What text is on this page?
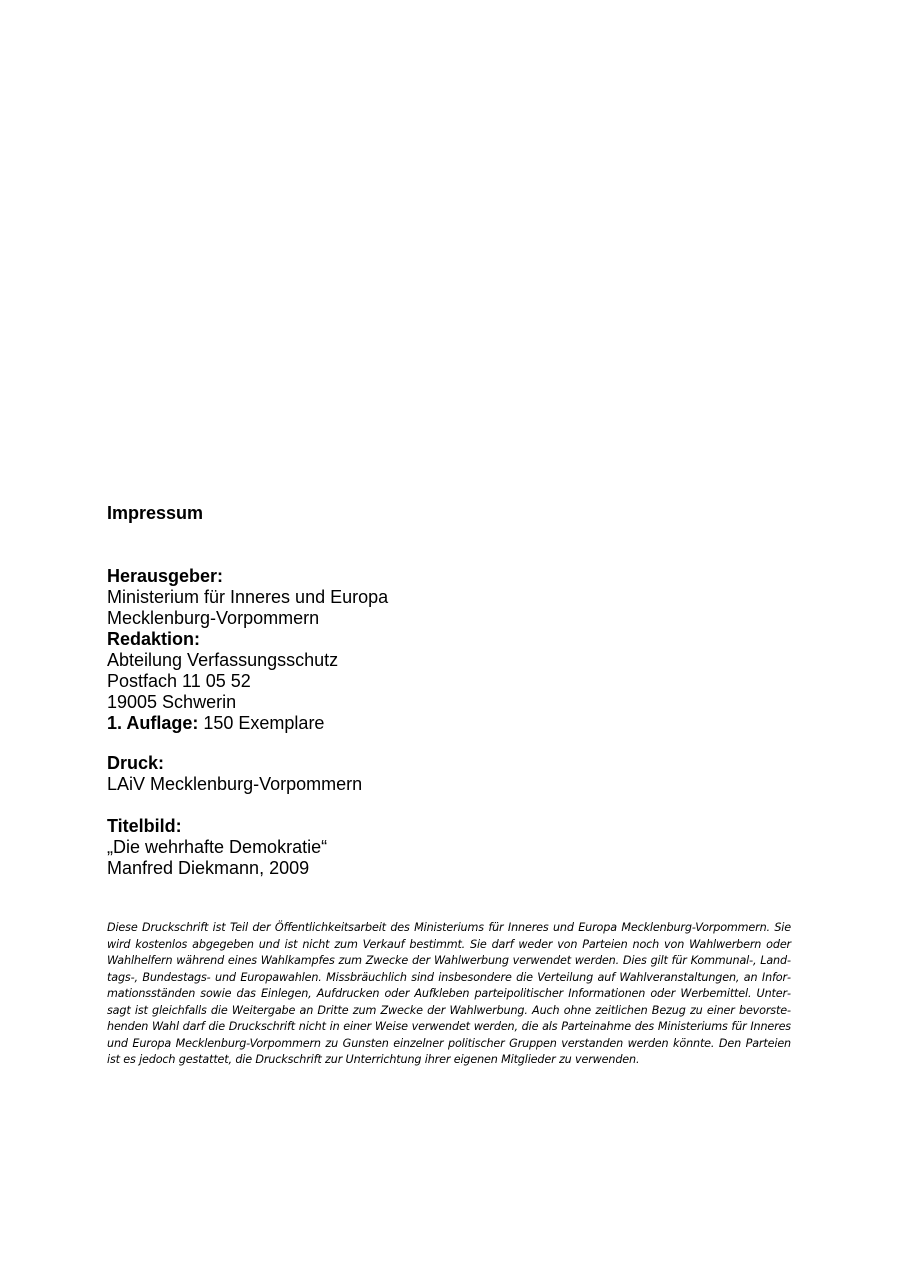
Impressum
Herausgeber:
Ministerium für Inneres und Europa
Mecklenburg-Vorpommern
Redaktion:
Abteilung Verfassungsschutz
Postfach 11 05 52
19005 Schwerin
1. Auflage: 150 Exemplare
Druck:
LAiV Mecklenburg-Vorpommern
Titelbild:
„Die wehrhafte Demokratie“
Manfred Diekmann, 2009

Diese Druckschrift ist Teil der Öffentlichkeitsarbeit des Ministeriums für Inneres und Europa Mecklenburg-Vorpommern. Sie wird kostenlos abgegeben und ist nicht zum Verkauf bestimmt. Sie darf weder von Parteien noch von Wahlwerbern oder Wahlhelfern während eines Wahlkampfes zum Zwecke der Wahlwerbung verwendet werden. Dies gilt für Kommunal-, Landtags-, Bundestags- und Europawahlen. Missbräuchlich sind insbesondere die Verteilung auf Wahlveranstaltungen, an Informationsständen sowie das Einlegen, Aufdrucken oder Aufkleben parteipolitischer Informationen oder Werbemittel. Untersagt ist gleichfalls die Weitergabe an Dritte zum Zwecke der Wahlwerbung. Auch ohne zeitlichen Bezug zu einer bevorstehenden Wahl darf die Druckschrift nicht in einer Weise verwendet werden, die als Parteinahme des Ministeriums für Inneres und Europa Mecklenburg-Vorpommern zu Gunsten einzelner politischer Gruppen verstanden werden könnte. Den Parteien ist es jedoch gestattet, die Druckschrift zur Unterrichtung ihrer eigenen Mitglieder zu verwenden.
